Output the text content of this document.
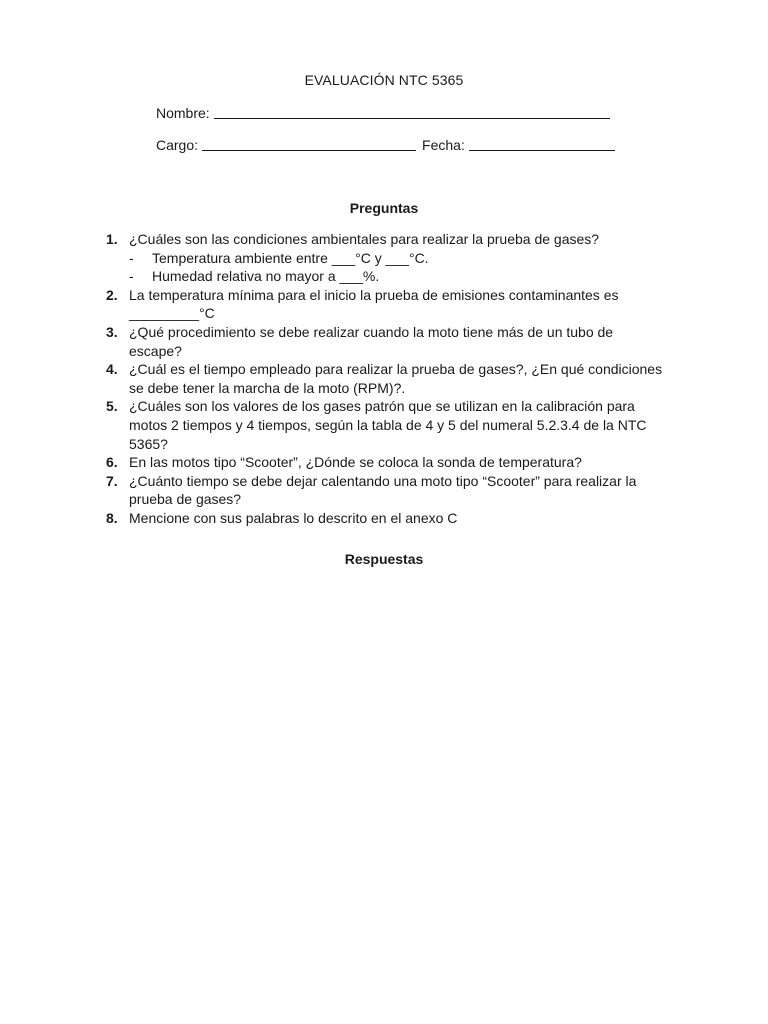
EVALUACIÓN NTC 5365
Nombre:
Cargo:	Fecha:
Preguntas
1. ¿Cuáles son las condiciones ambientales para realizar la prueba de gases?
-	Temperatura ambiente entre ___°C y ___°C.
-	Humedad relativa no mayor a ___%.
2. La temperatura mínima para el inicio la prueba de emisiones contaminantes es _________°C
3. ¿Qué procedimiento se debe realizar cuando la moto tiene más de un tubo de escape?
4. ¿Cuál es el tiempo empleado para realizar la prueba de gases?, ¿En qué condiciones se debe tener la marcha de la moto (RPM)?.
5. ¿Cuáles son los valores de los gases patrón que se utilizan en la calibración para motos 2 tiempos y 4 tiempos, según la tabla de 4 y 5 del numeral 5.2.3.4 de la NTC 5365?
6. En las motos tipo “Scooter”, ¿Dónde se coloca la sonda de temperatura?
7. ¿Cuánto tiempo se debe dejar calentando una moto tipo “Scooter” para realizar la prueba de gases?
8. Mencione con sus palabras lo descrito en el anexo C
Respuestas
